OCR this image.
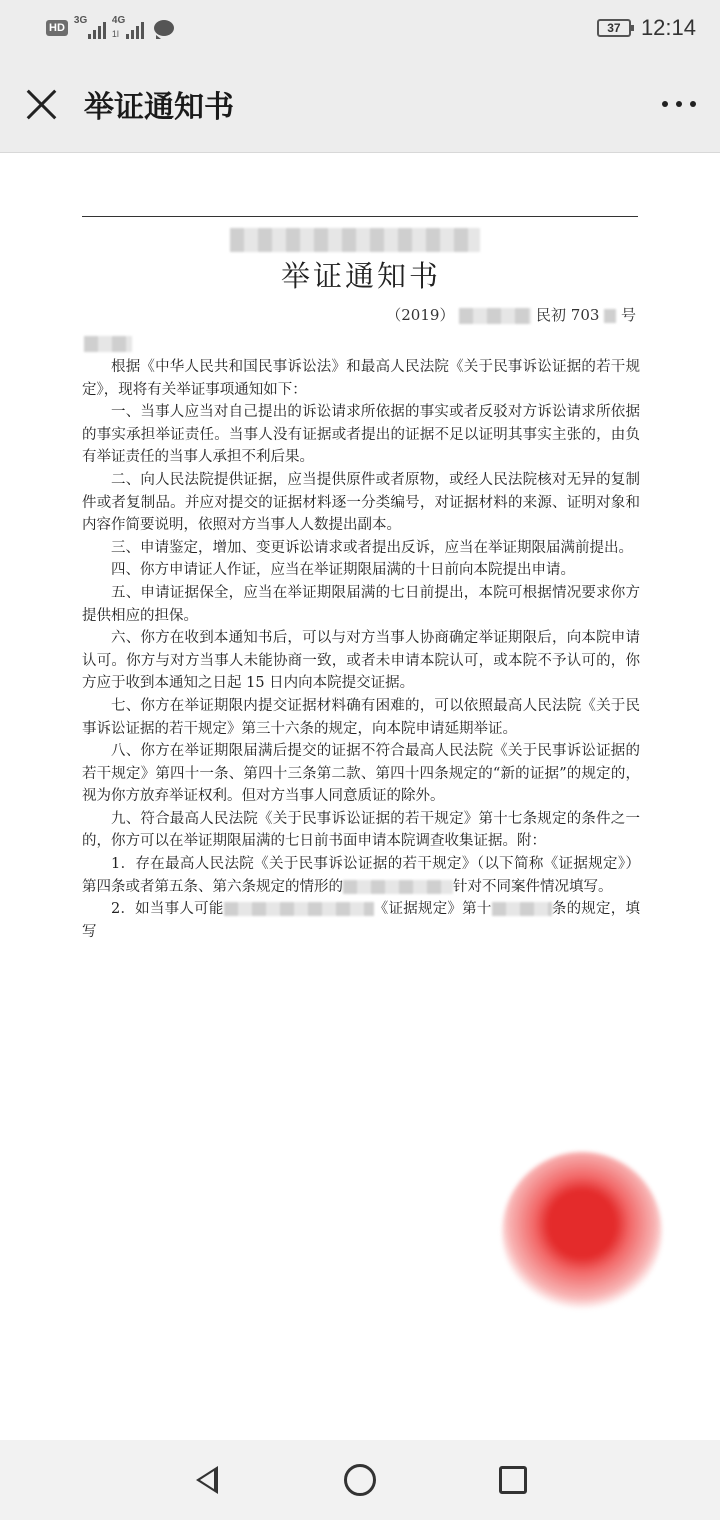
HD
3G 4G
1l	37 12:14
举证通知书
举证通知书
（2019）	民初 703 号

根据《中华人民共和国民事诉讼法》和最高人民法院《关于民事诉讼证据的若干规定》，现将有关举证事项通知如下：

一、当事人应当对自己提出的诉讼请求所依据的事实或者反驳对方诉讼请求所依据的事实承担举证责任。当事人没有证据或者提出的证据不足以证明其事实主张的，由负有举证责任的当事人承担不利后果。

二、向人民法院提供证据，应当提供原件或者原物，或经人民法院核对无异的复制件或者复制品。并应对提交的证据材料逐一分类编号，对证据材料的来源、证明对象和内容作简要说明，依照对方当事人人数提出副本。

三、申请鉴定，增加、变更诉讼请求或者提出反诉，应当在举证期限届满前提出。

四、你方申请证人作证，应当在举证期限届满的十日前向本院提出申请。

五、申请证据保全，应当在举证期限届满的七日前提出，本院可根据情况要求你方提供相应的担保。

六、你方在收到本通知书后，可以与对方当事人协商确定举证期限后，向本院申请认可。你方与对方当事人未能协商一致，或者未申请本院认可，或本院不予认可的，你方应于收到本通知之日起 15 日内向本院提交证据。

七、你方在举证期限内提交证据材料确有困难的，可以依照最高人民法院《关于民事诉讼证据的若干规定》第三十六条的规定，向本院申请延期举证。

八、你方在举证期限届满后提交的证据不符合最高人民法院《关于民事诉讼证据的若干规定》第四十一条、第四十三条第二款、第四十四条规定的“新的证据”的规定的，视为你方放弃举证权利。但对方当事人同意质证的除外。

九、符合最高人民法院《关于民事诉讼证据的若干规定》第十七条规定的条件之一的，你方可以在举证期限届满的七日前书面申请本院调查收集证据。附：

1．存在最高人民法院《关于民事诉讼证据的若干规定》（以下简称《证据规定》）第四条或者第五条、第六条规定的情形的	针对不同案件情况填写。

2．如当事人可能	《证据规定》第十	条的规定，填写
